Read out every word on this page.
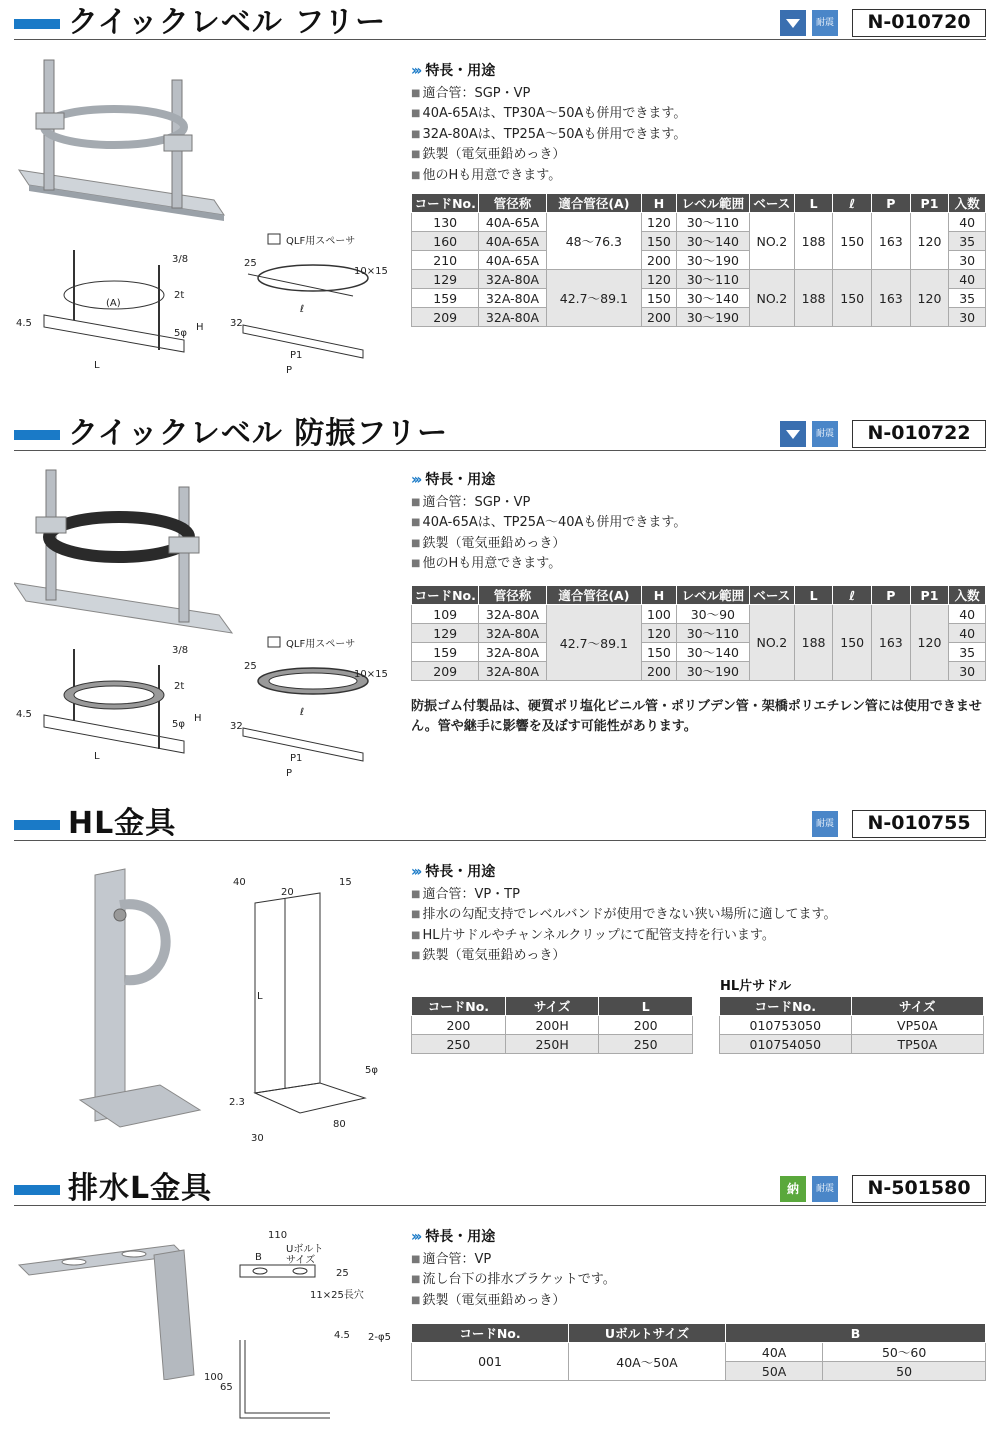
クイックレベル フリー	耐震	N-010720
3/8
2t
4.5
5φ
H
L
(A)
QLF用スペーサ
25
10×15
ℓ
32
P1
P
››› 特長・用途
■ 適合管：SGP・VP
■ 40A-65Aは、TP30A〜50Aも併用できます。
■ 32A-80Aは、TP25A〜50Aも併用できます。
■ 鉄製（電気亜鉛めっき）
■ 他のHも用意できます。
コードNo.	管径称	適合管径(A)	H	レベル範囲	ベース	L	ℓ	P	P1	入数
130	40A-65A	48〜76.3	120	30〜110	NO.2	188	150	163	120	40
160	40A-65A		150	30〜140						35
210	40A-65A		200	30〜190						30
129	32A-80A	42.7〜89.1	120	30〜110	NO.2	188	150	163	120	40
159	32A-80A		150	30〜140						35
209	32A-80A		200	30〜190						30
クイックレベル 防振フリー	耐震	N-010722
3/8
2t
4.5
5φ
H
L
QLF用スペーサ
25
10×15
ℓ
32
P1
P
››› 特長・用途
■ 適合管：SGP・VP
■ 40A-65Aは、TP25A〜40Aも併用できます。
■ 鉄製（電気亜鉛めっき）
■ 他のHも用意できます。
コードNo.	管径称	適合管径(A)	H	レベル範囲	ベース	L	ℓ	P	P1	入数
109	32A-80A	42.7〜89.1	100	30〜90	NO.2	188	150	163	120	40
129	32A-80A		120	30〜110						40
159	32A-80A		150	30〜140						35
209	32A-80A		200	30〜190						30
防振ゴム付製品は、硬質ポリ塩化ビニル管・ポリブデン管・架橋ポリエチレン管には使用できません。管や継手に影響を及ぼす可能性があります。
HL金具	耐震	N-010755
40
20
15
L
5φ
2.3
80
30
››› 特長・用途
■ 適合管：VP・TP
■ 排水の勾配支持でレベルバンドが使用できない狭い場所に適してます。
■ HL片サドルやチャンネルクリップにて配管支持を行います。
■ 鉄製（電気亜鉛めっき）
コードNo.	サイズ	L
200	200H	200
250	250H	250
HL片サドル
コードNo.	サイズ
010753050	VP50A
010754050	TP50A
排水L金具	納	耐震	N-501580
110
B
Uボルト
サイズ
25
11×25長穴
4.5
100
65
2-φ5
››› 特長・用途
■ 適合管：VP
■ 流し台下の排水ブラケットです。
■ 鉄製（電気亜鉛めっき）
コードNo.	Uボルトサイズ	B	
001	40A〜50A	40A	50〜60
		50A	50
